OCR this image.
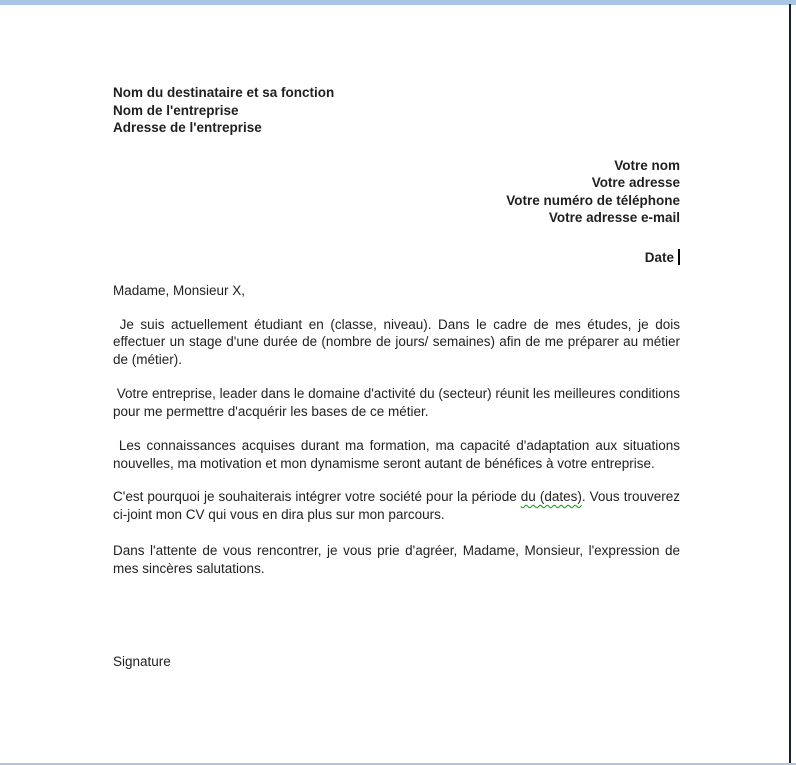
Nom du destinataire et sa fonction

Nom de l'entreprise

Adresse de l'entreprise

Votre nom

Votre adresse

Votre numéro de téléphone

Votre adresse e-mail

Date

Madame, Monsieur X,

Je suis actuellement étudiant en (classe, niveau). Dans le cadre de mes études, je dois effectuer un stage d'une durée de (nombre de jours/ semaines) afin de me préparer au métier de (métier).

Votre entreprise, leader dans le domaine d'activité du (secteur) réunit les meilleures conditions pour me permettre d'acquérir les bases de ce métier.

Les connaissances acquises durant ma formation, ma capacité d'adaptation aux situations nouvelles, ma motivation et mon dynamisme seront autant de bénéfices à votre entreprise.

C'est pourquoi je souhaiterais intégrer votre société pour la période du (dates). Vous trouverez ci-joint mon CV qui vous en dira plus sur mon parcours.

Dans l'attente de vous rencontrer, je vous prie d'agréer, Madame, Monsieur, l'expression de mes sincères salutations.

Signature
